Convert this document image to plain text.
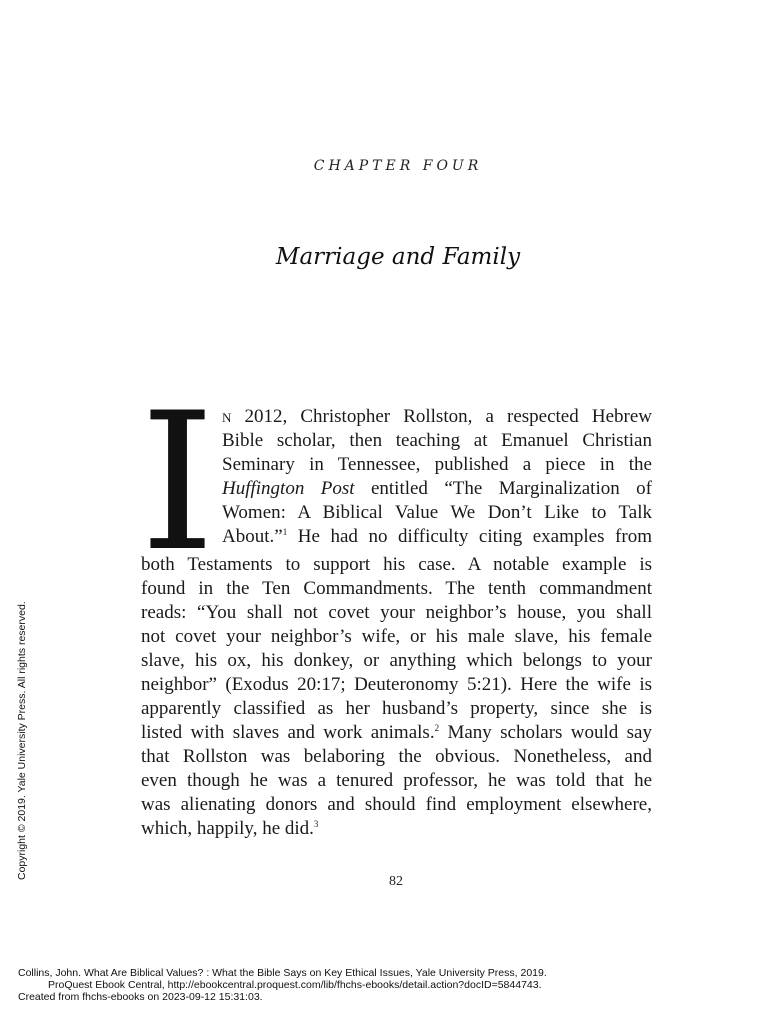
CHAPTER FOUR
Marriage and Family
I n 2012, Christopher Rollston, a respected Hebrew
Bible scholar, then teaching at Emanuel Christian
Seminary in Tennessee, published a piece in the
Huffington Post entitled “The Marginalization of
Women: A Biblical Value We Don’t Like to Talk
About.”$^1$ He had no difficulty citing examples from
both Testaments to support his case. A notable example is
found in the Ten Commandments. The tenth commandment
reads: “You shall not covet your neighbor’s house, you shall
not covet your neighbor’s wife, or his male slave, his female
slave, his ox, his donkey, or anything which belongs to your
neighbor” (Exodus 20:17; Deuteronomy 5:21). Here the wife is
apparently classified as her husband’s property, since she is
listed with slaves and work animals.$^2$ Many scholars would say
that Rollston was belaboring the obvious. Nonetheless, and
even though he was a tenured professor, he was told that he
was alienating donors and should find employment elsewhere,
which, happily, he did.$^3$
82
Copyright © 2019. Yale University Press. All rights reserved.
Collins, John. What Are Biblical Values? : What the Bible Says on Key Ethical Issues, Yale University Press, 2019.
ProQuest Ebook Central, http://ebookcentral.proquest.com/lib/fhchs-ebooks/detail.action?docID=5844743.
Created from fhchs-ebooks on 2023-09-12 15:31:03.
